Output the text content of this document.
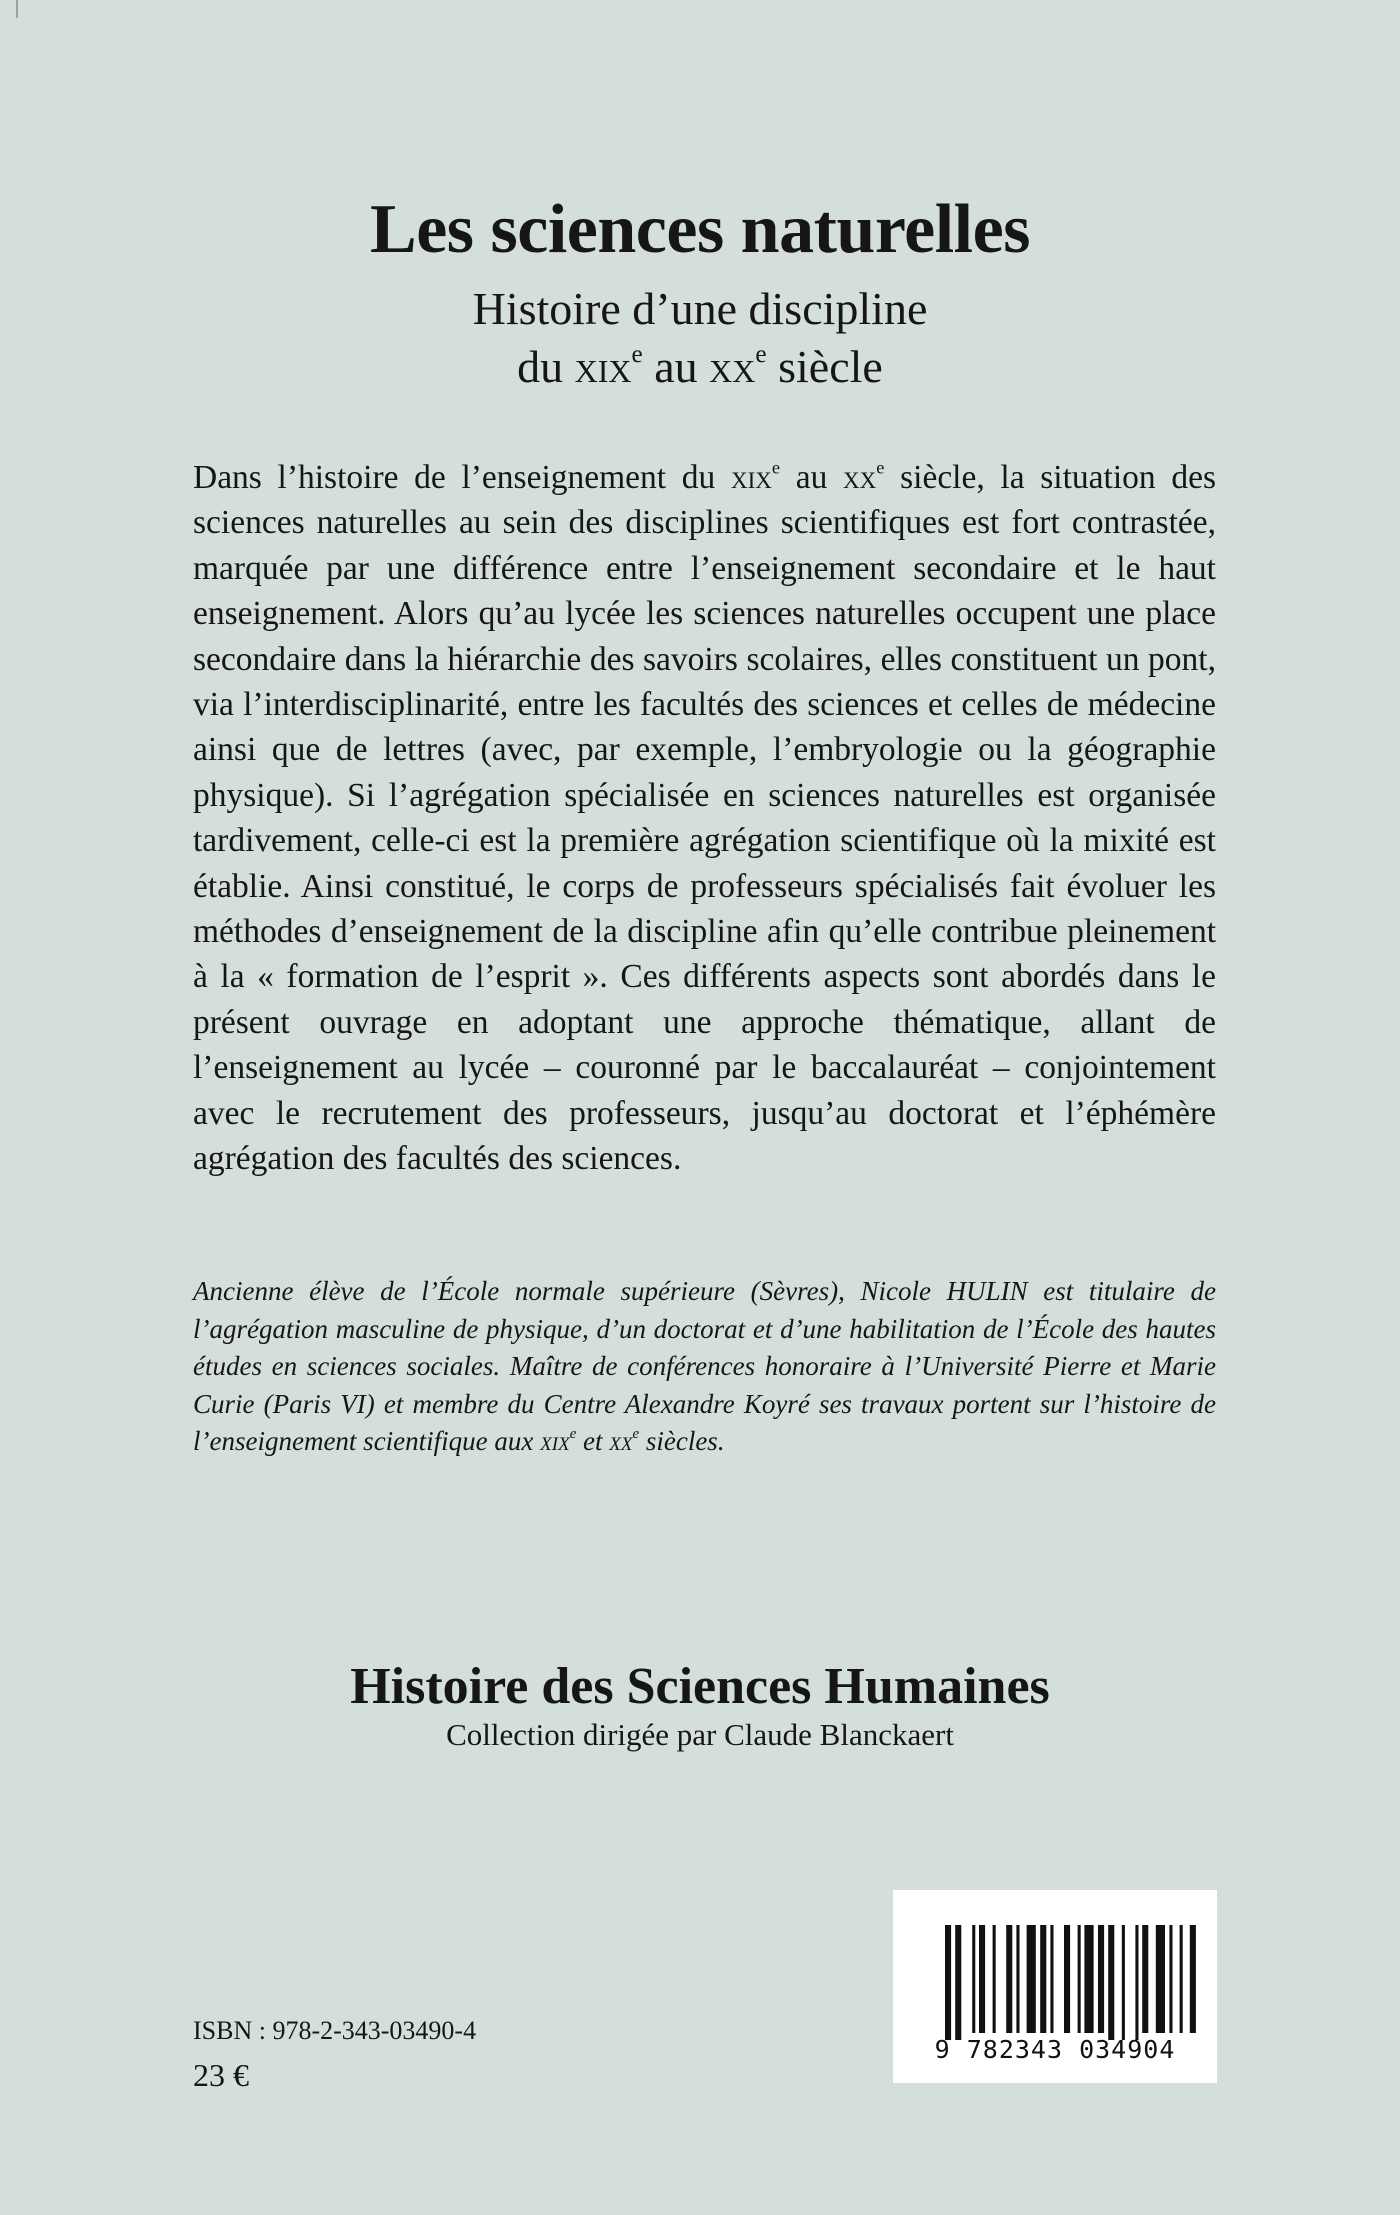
Les sciences naturelles
Histoire d’une discipline
du xix$^e$ au $xx^e$ siècle

Dans l’histoire de l’enseignement du xix$^e$ au $xx^e$ siècle, la situation des sciences naturelles au sein des disciplines scientifiques est fort contrastée, marquée par une différence entre l’enseignement secondaire et le haut enseignement. Alors qu’au lycée les sciences naturelles occupent une place secondaire dans la hiérarchie des savoirs scolaires, elles constituent un pont, via l’interdisciplinarité, entre les facultés des sciences et celles de médecine ainsi que de lettres (avec, par exemple, l’embryologie ou la géographie physique). Si l’agrégation spécialisée en sciences naturelles est organisée tardivement, celle-ci est la première agrégation scientifique où la mixité est établie. Ainsi constitué, le corps de professeurs spécialisés fait évoluer les méthodes d’enseignement de la discipline afin qu’elle contribue pleinement à la « formation de l’esprit ». Ces différents aspects sont abordés dans le présent ouvrage en adoptant une approche thématique, allant de l’enseignement au lycée – couronné par le baccalauréat – conjointement avec le recrutement des professeurs, jusqu’au doctorat et l’éphémère agrégation des facultés des sciences.

Ancienne élève de l’École normale supérieure (Sèvres), Nicole HULIN est titulaire de l’agrégation masculine de physique, d’un doctorat et d’une habilitation de l’École des hautes études en sciences sociales. Maître de conférences honoraire à l’Université Pierre et Marie Curie (Paris VI) et membre du Centre Alexandre Koyré ses travaux portent sur l’histoire de l’enseignement scientifique aux xix$^e$ et $xx^e$ siècles.

Histoire des Sciences Humaines
Collection dirigée par Claude Blanckaert
ISBN : 978-2-343-03490-4
23 €
9 782343 034904
